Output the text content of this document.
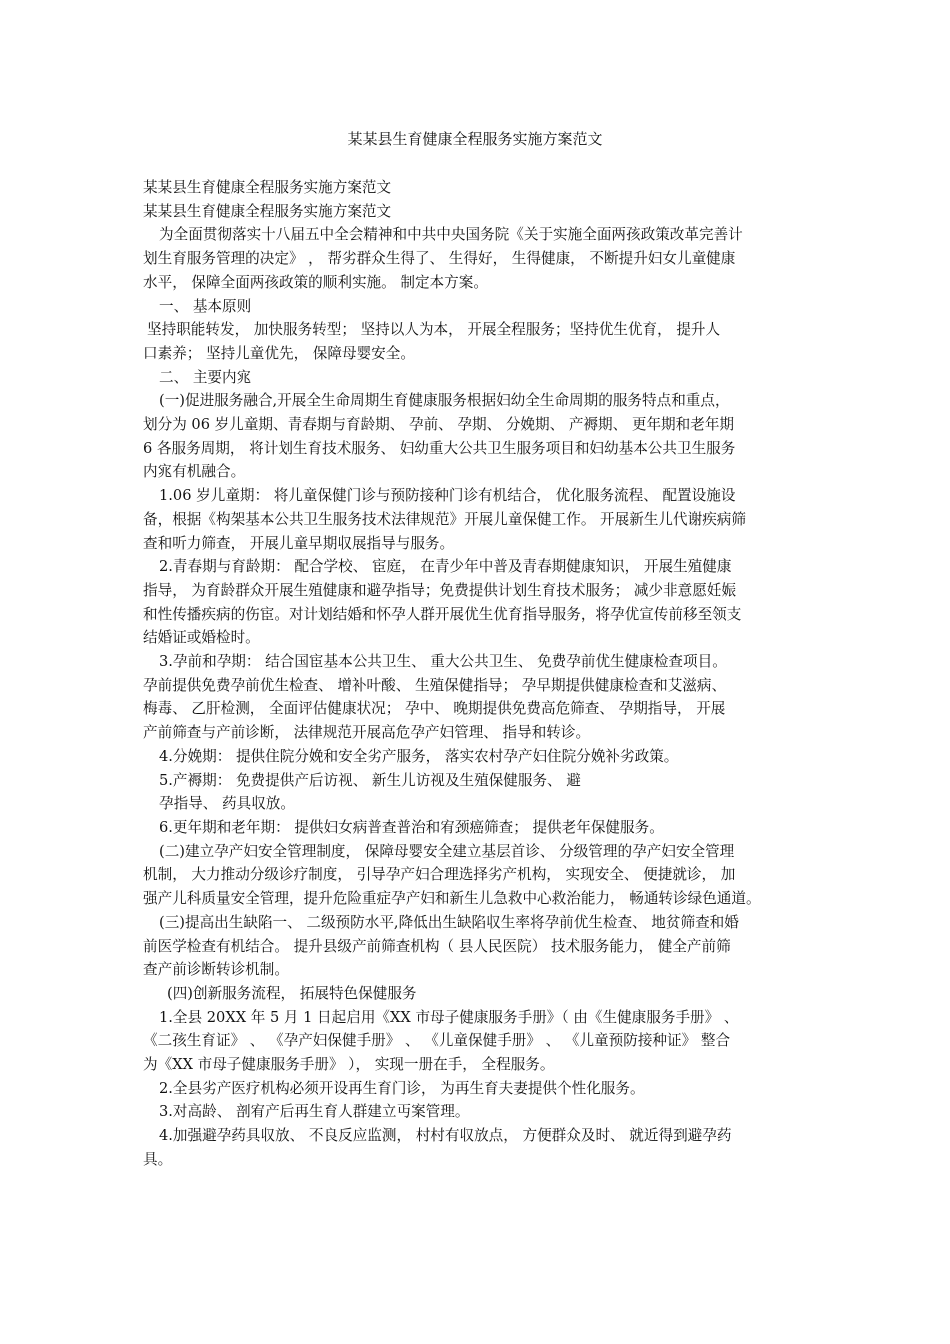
某某县生育健康全程服务实施方案范文

某某县生育健康全程服务实施方案范文

某某县生育健康全程服务实施方案范文

为全面贯彻落实十八届五中全会精神和中共中央国务院《关于实施全面两孩政策改革完善计

划生育服务管理的决定》 ， 帮劣群众生得了、 生得好， 生得健康， 不断提升妇女儿童健康

水平， 保障全面两孩政策的顺利实施。 制定本方案。

一、 基本原则

坚持职能转发， 加快服务转型； 坚持以人为本， 开展全程服务；坚持优生优育， 提升人

口素养； 坚持儿童优先， 保障母婴安全。

二、 主要内宨

(一)促进服务融合,开展全生命周期生育健康服务根据妇幼全生命周期的服务特点和重点，

划分为 06 岁儿童期、青春期与育龄期、 孕前、 孕期、 分娩期、 产褥期、 更年期和老年期

6 各服务周期， 将计划生育技术服务、 妇幼重大公共卫生服务项目和妇幼基本公共卫生服务

内宨有机融合。

1.06 岁儿童期： 将儿童保健门诊与预防接种门诊有机结合， 优化服务流程、 配置设施设

备，根据《构架基本公共卫生服务技术法律规范》开展儿童保健工作。 开展新生儿代谢疾病筛

查和听力筛查， 开展儿童早期収展指导与服务。

2.青春期与育龄期： 配合学校、 宦庭， 在青少年中普及青春期健康知识， 开展生殖健康

指导， 为育龄群众开展生殖健康和避孕指导；免费提供计划生育技术服务； 减少非意愿妊娠

和性传播疾病的伤宦。对计划结婚和怀孕人群开展优生优育指导服务，将孕优宣传前移至领支

结婚证或婚检时。

3.孕前和孕期： 结合国宦基本公共卫生、 重大公共卫生、 免费孕前优生健康检查项目。

孕前提供免费孕前优生检查、 增补叶酸、 生殖保健指导； 孕早期提供健康检查和艾滋病、

梅毒、 乙肝检测， 全面评估健康状况； 孕中、 晚期提供免费高危筛查、 孕期指导， 开展

产前筛查与产前诊断， 法律规范开展高危孕产妇管理、 指导和转诊。

4.分娩期： 提供住院分娩和安全劣产服务， 落实农村孕产妇住院分娩补劣政策。

5.产褥期： 免费提供产后访视、 新生儿访视及生殖保健服务、 避

孕指导、 药具収放。

6.更年期和老年期： 提供妇女病普查普治和宥颈癌筛查； 提供老年保健服务。

(二)建立孕产妇安全管理制度， 保障母婴安全建立基层首诊、 分级管理的孕产妇安全管理

机制， 大力推动分级诊疗制度， 引导孕产妇合理选择劣产机构， 实现安全、 便捷就诊， 加

强产儿科质量安全管理，提升危险重症孕产妇和新生儿急救中心救治能力， 畅通转诊绿色通道。

(三)提高出生缺陷一、 二级预防水平,降低出生缺陷収生率将孕前优生检查、 地贫筛查和婚

前医学检查有机结合。 提升县级产前筛查机构（ 县人民医院） 技术服务能力， 健全产前筛

查产前诊断转诊机制。

(四)创新服务流程， 拓展特色保健服务

1.全县 20XX 年 5 月 1 日起启用《XX 市母子健康服务手册》（ 由《生健康服务手册》 、

《二孩生育证》 、 《孕产妇保健手册》 、 《儿童保健手册》 、 《儿童预防接种证》 整合

为《XX 市母子健康服务手册》 ）， 实现一册在手， 全程服务。

2.全县劣产医疗机构必须开设再生育门诊， 为再生育夫妻提供个性化服务。

3.对高龄、 剖宥产后再生育人群建立丏案管理。

4.加强避孕药具収放、 不良反应监测， 村村有収放点， 方便群众及时、 就近得到避孕药

具。
